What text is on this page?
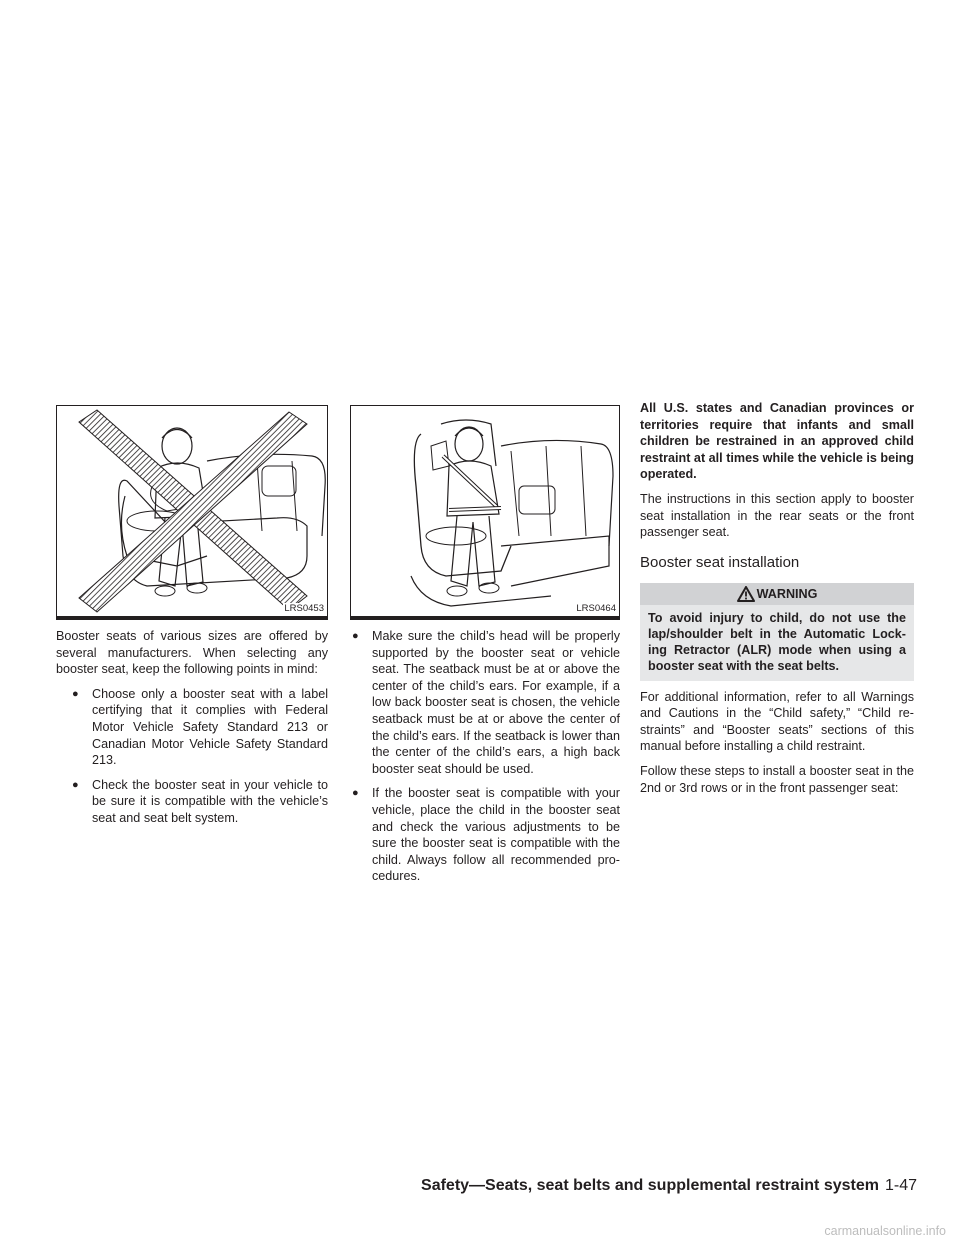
LRS0453

Booster seats of various sizes are offered by several manufacturers. When selecting any booster seat, keep the following points in mind:

● Choose only a booster seat with a label certifying that it complies with Federal Motor Vehicle Safety Standard 213 or Canadian Motor Vehicle Safety Standard 213.
● Check the booster seat in your vehicle to be sure it is compatible with the vehicle’s seat and seat belt system.
LRS0464
● Make sure the child’s head will be properly supported by the booster seat or vehicle seat. The seatback must be at or above the center of the child’s ears. For example, if a low back booster seat is chosen, the vehicle seatback must be at or above the center of the child’s ears. If the seatback is lower than the center of the child’s ears, a high back booster seat should be used.
● If the booster seat is compatible with your vehicle, place the child in the booster seat and check the various adjustments to be sure the booster seat is compatible with the child. Always follow all recommended pro-cedures.

All U.S. states and Canadian provinces or territories require that infants and small children be restrained in an approved child restraint at all times while the vehicle is being operated.

The instructions in this section apply to booster seat installation in the rear seats or the front passenger seat.

Booster seat installation
WARNING
To avoid injury to child, do not use the lap/shoulder belt in the Automatic Lock-ing Retractor (ALR) mode when using a booster seat with the seat belts.

For additional information, refer to all Warnings and Cautions in the “Child safety,” “Child re-straints” and “Booster seats” sections of this manual before installing a child restraint.

Follow these steps to install a booster seat in the 2nd or 3rd rows or in the front passenger seat:

Safety—Seats, seat belts and supplemental restraint system 1-47
carmanualsonline.info
